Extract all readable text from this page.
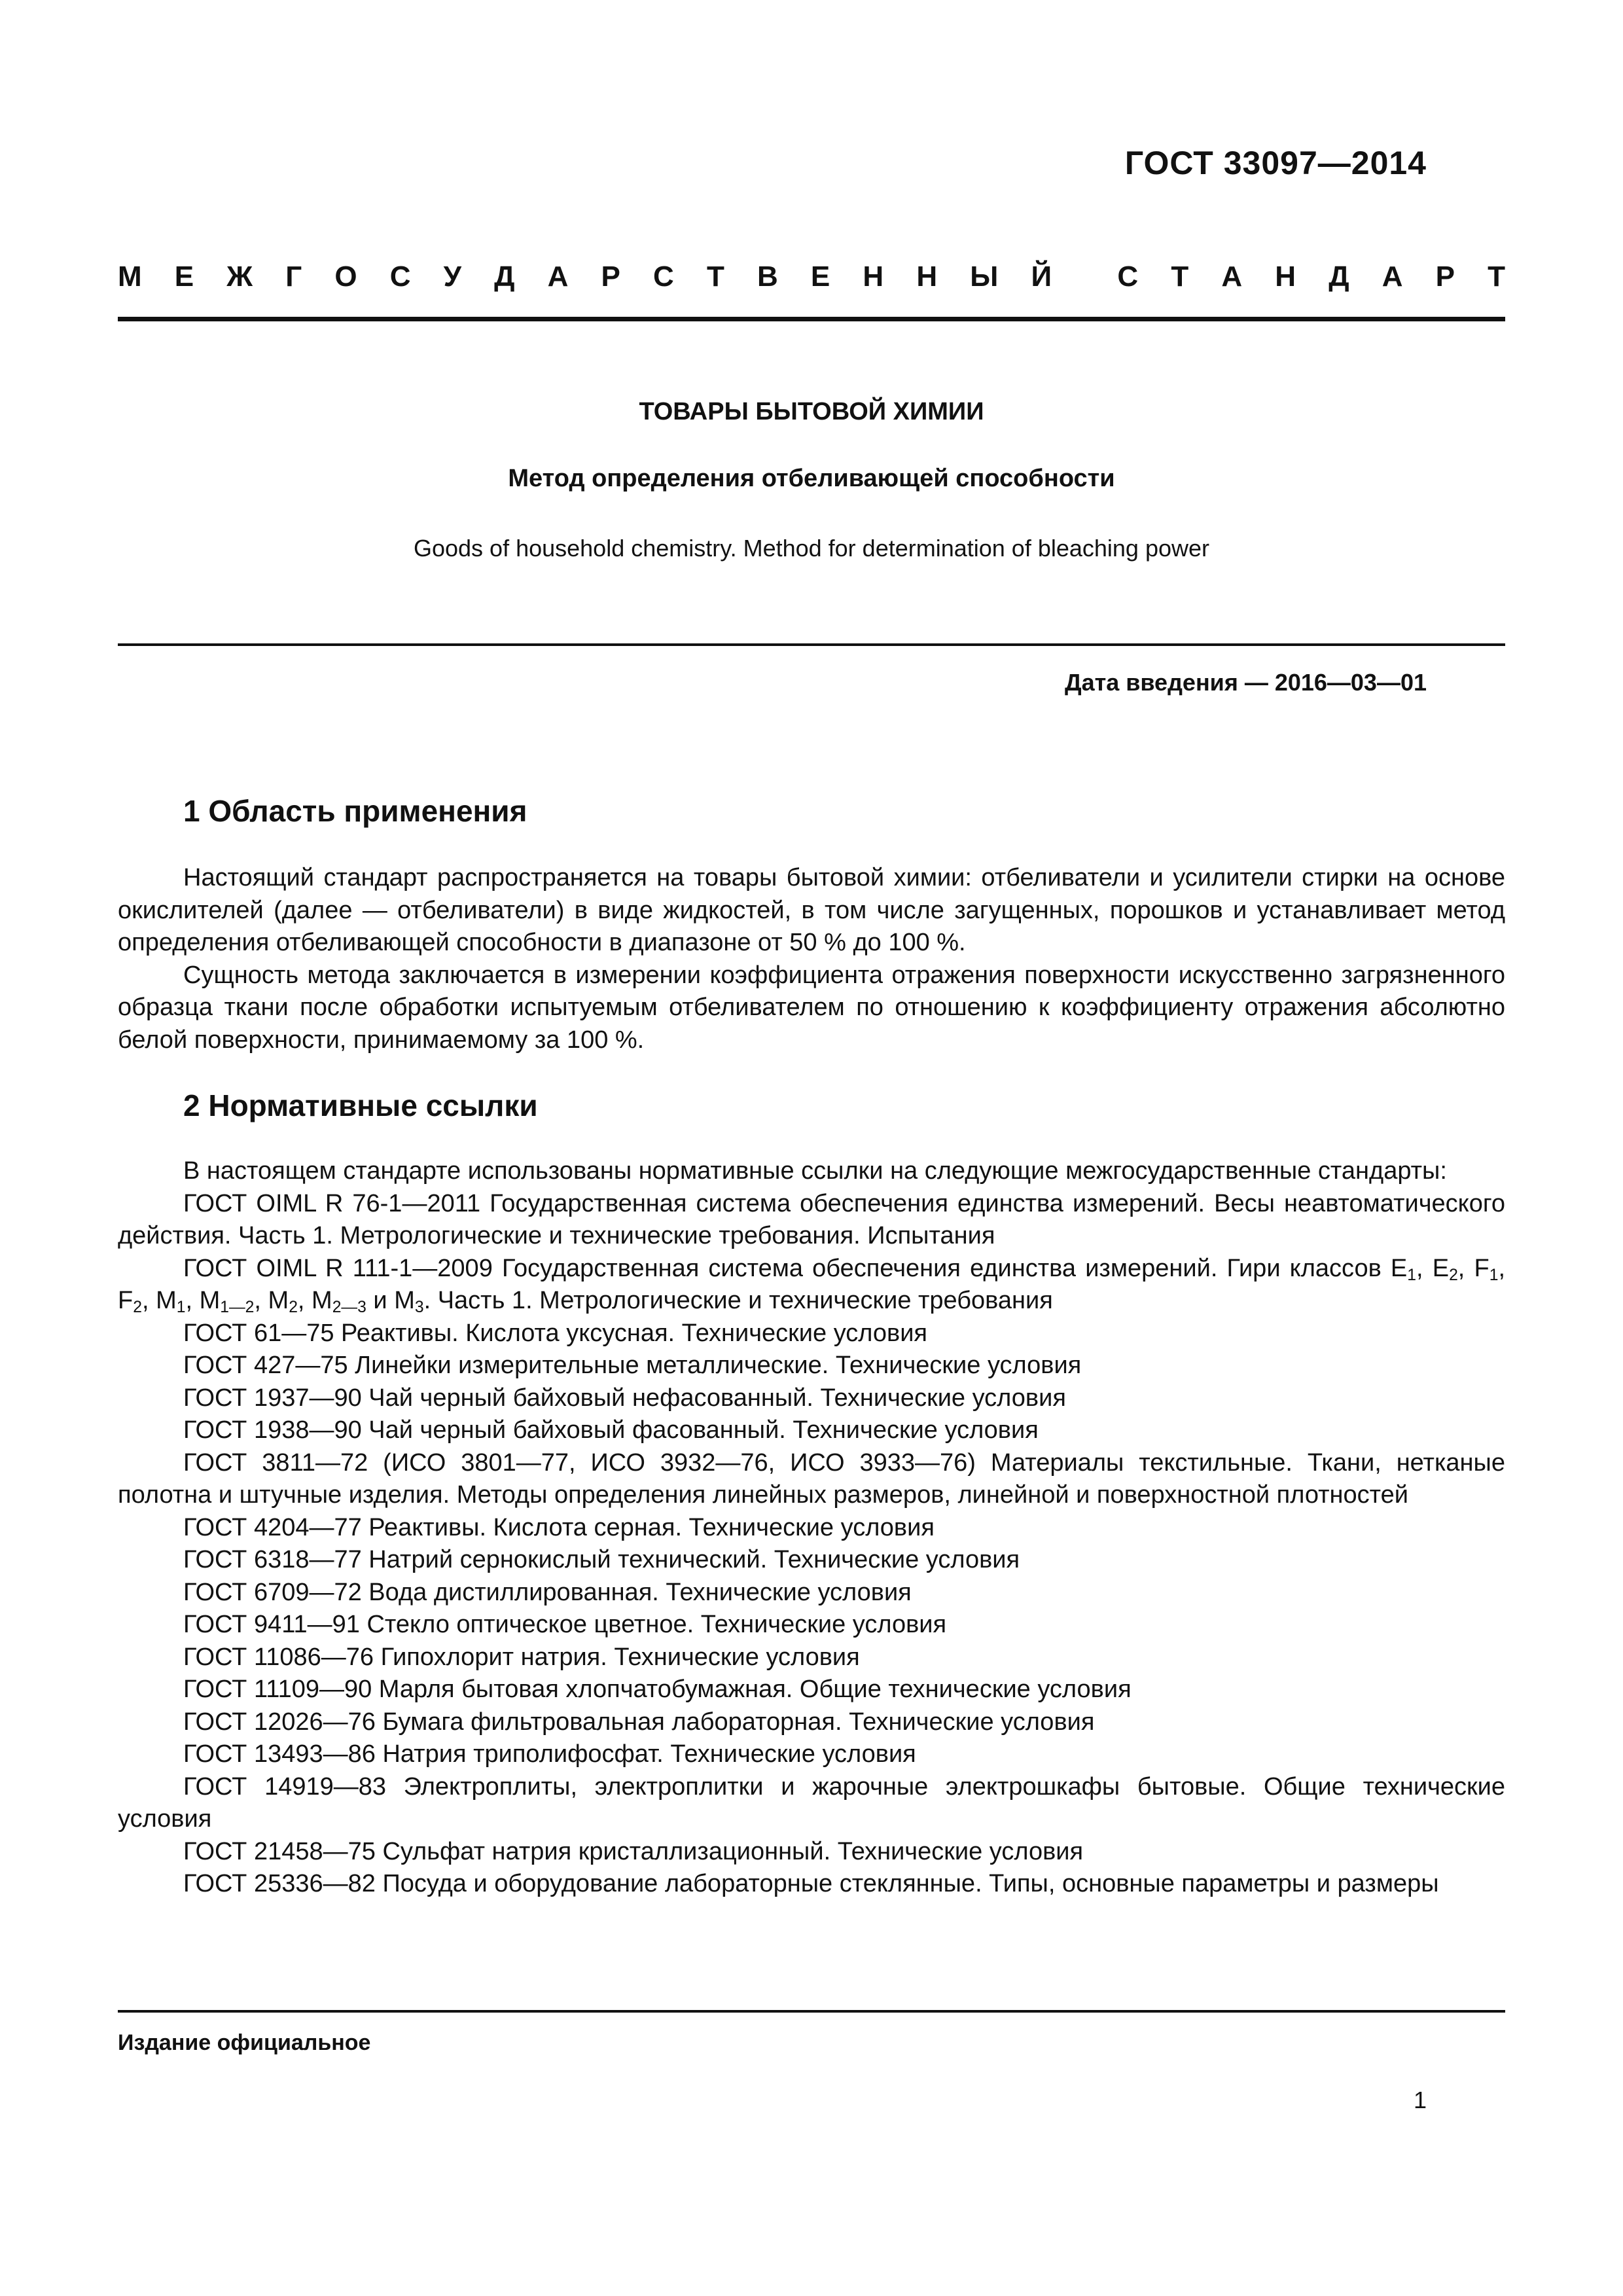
ГОСТ 33097—2014
М Е Ж Г О С У Д А Р С Т В Е Н Н Ы Й С Т А Н Д А Р Т
ТОВАРЫ БЫТОВОЙ ХИМИИ
Метод определения отбеливающей способности
Goods of household chemistry. Method for determination of bleaching power
Дата введения — 2016—03—01
1 Область применения

Настоящий стандарт распространяется на товары бытовой химии: отбеливатели и усилители стирки на основе окислителей (далее — отбеливатели) в виде жидкостей, в том числе загущенных, порошков и устанавливает метод определения отбеливающей способности в диапазоне от 50 % до 100 %.

Сущность метода заключается в измерении коэффициента отражения поверхности искусственно загрязненного образца ткани после обработки испытуемым отбеливателем по отношению к коэффициенту отражения абсолютно белой поверхности, принимаемому за 100 %.

2 Нормативные ссылки

В настоящем стандарте использованы нормативные ссылки на следующие межгосударственные стандарты:

ГОСТ OIML R 76-1—2011 Государственная система обеспечения единства измерений. Весы неавтоматического действия. Часть 1. Метрологические и технические требования. Испытания

ГОСТ OIML R 111-1—2009 Государственная система обеспечения единства измерений. Гири классов $E_1$, $E_2$, $F_1$, $F_2$, $M_1$, $M_{1—2}$, $M_2$, $M_{2—3}$ и $M_3$. Часть 1. Метрологические и технические требования

ГОСТ 61—75 Реактивы. Кислота уксусная. Технические условия

ГОСТ 427—75 Линейки измерительные металлические. Технические условия

ГОСТ 1937—90 Чай черный байховый нефасованный. Технические условия

ГОСТ 1938—90 Чай черный байховый фасованный. Технические условия

ГОСТ 3811—72 (ИСО 3801—77, ИСО 3932—76, ИСО 3933—76) Материалы текстильные. Ткани, нетканые полотна и штучные изделия. Методы определения линейных размеров, линейной и поверхностной плотностей

ГОСТ 4204—77 Реактивы. Кислота серная. Технические условия

ГОСТ 6318—77 Натрий сернокислый технический. Технические условия

ГОСТ 6709—72 Вода дистиллированная. Технические условия

ГОСТ 9411—91 Стекло оптическое цветное. Технические условия

ГОСТ 11086—76 Гипохлорит натрия. Технические условия

ГОСТ 11109—90 Марля бытовая хлопчатобумажная. Общие технические условия

ГОСТ 12026—76 Бумага фильтровальная лабораторная. Технические условия

ГОСТ 13493—86 Натрия триполифосфат. Технические условия

ГОСТ 14919—83 Электроплиты, электроплитки и жарочные электрошкафы бытовые. Общие технические условия

ГОСТ 21458—75 Сульфат натрия кристаллизационный. Технические условия

ГОСТ 25336—82 Посуда и оборудование лабораторные стеклянные. Типы, основные параметры и размеры

Издание официальное
1
